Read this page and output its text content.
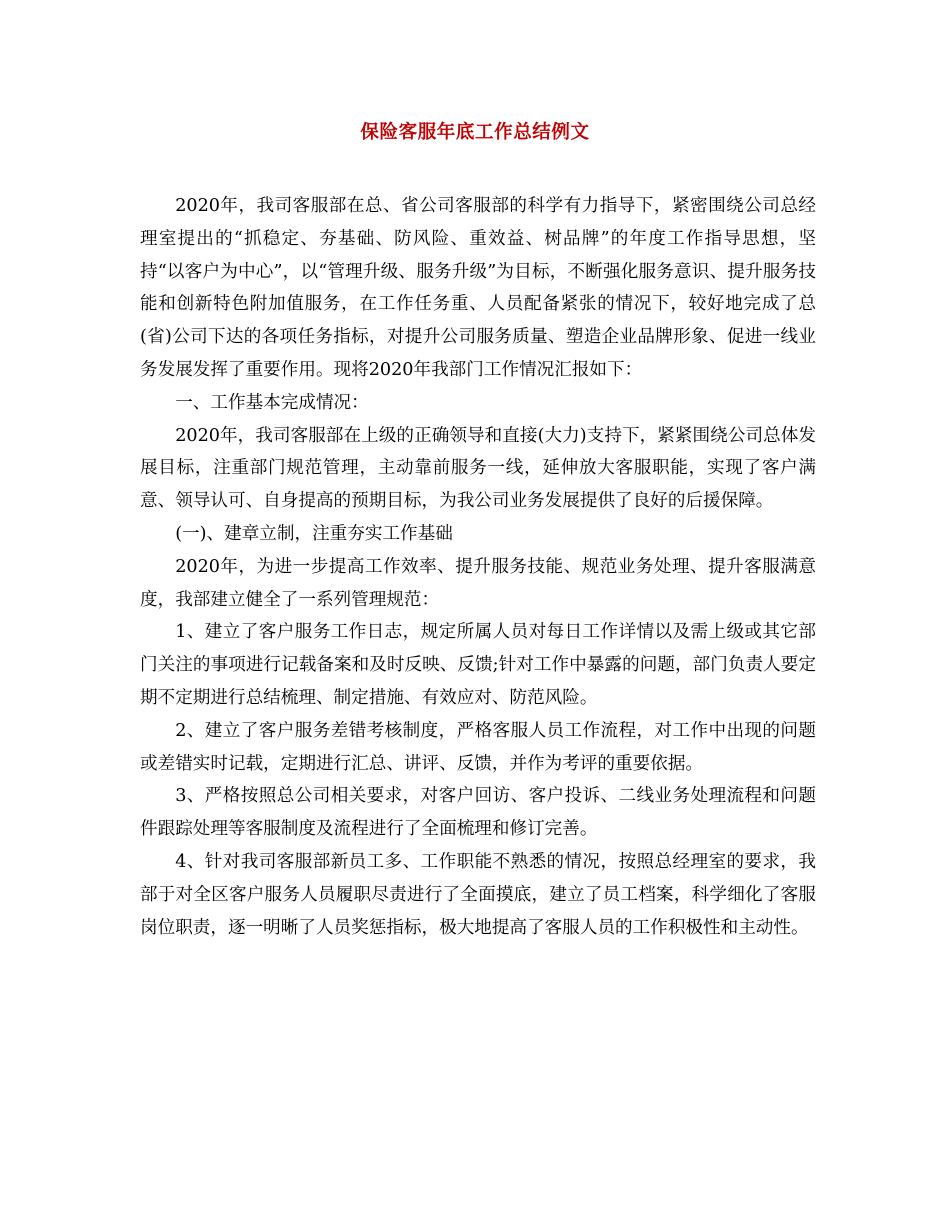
保险客服年底工作总结例文

2020年，我司客服部在总、省公司客服部的科学有力指导下，紧密围绕公司总经理室提出的“抓稳定、夯基础、防风险、重效益、树品牌”的年度工作指导思想，坚持“以客户为中心”，以“管理升级、服务升级”为目标，不断强化服务意识、提升服务技能和创新特色附加值服务，在工作任务重、人员配备紧张的情况下，较好地完成了总(省)公司下达的各项任务指标，对提升公司服务质量、塑造企业品牌形象、促进一线业务发展发挥了重要作用。现将2020年我部门工作情况汇报如下：

一、工作基本完成情况：

2020年，我司客服部在上级的正确领导和直接(大力)支持下，紧紧围绕公司总体发展目标，注重部门规范管理，主动靠前服务一线，延伸放大客服职能，实现了客户满意、领导认可、自身提高的预期目标，为我公司业务发展提供了良好的后援保障。

(一)、建章立制，注重夯实工作基础

2020年，为进一步提高工作效率、提升服务技能、规范业务处理、提升客服满意度，我部建立健全了一系列管理规范：

1、建立了客户服务工作日志，规定所属人员对每日工作详情以及需上级或其它部门关注的事项进行记载备案和及时反映、反馈;针对工作中暴露的问题，部门负责人要定期不定期进行总结梳理、制定措施、有效应对、防范风险。

2、建立了客户服务差错考核制度，严格客服人员工作流程，对工作中出现的问题或差错实时记载，定期进行汇总、讲评、反馈，并作为考评的重要依据。

3、严格按照总公司相关要求，对客户回访、客户投诉、二线业务处理流程和问题件跟踪处理等客服制度及流程进行了全面梳理和修订完善。

4、针对我司客服部新员工多、工作职能不熟悉的情况，按照总经理室的要求，我部于对全区客户服务人员履职尽责进行了全面摸底，建立了员工档案，科学细化了客服岗位职责，逐一明晰了人员奖惩指标，极大地提高了客服人员的工作积极性和主动性。
